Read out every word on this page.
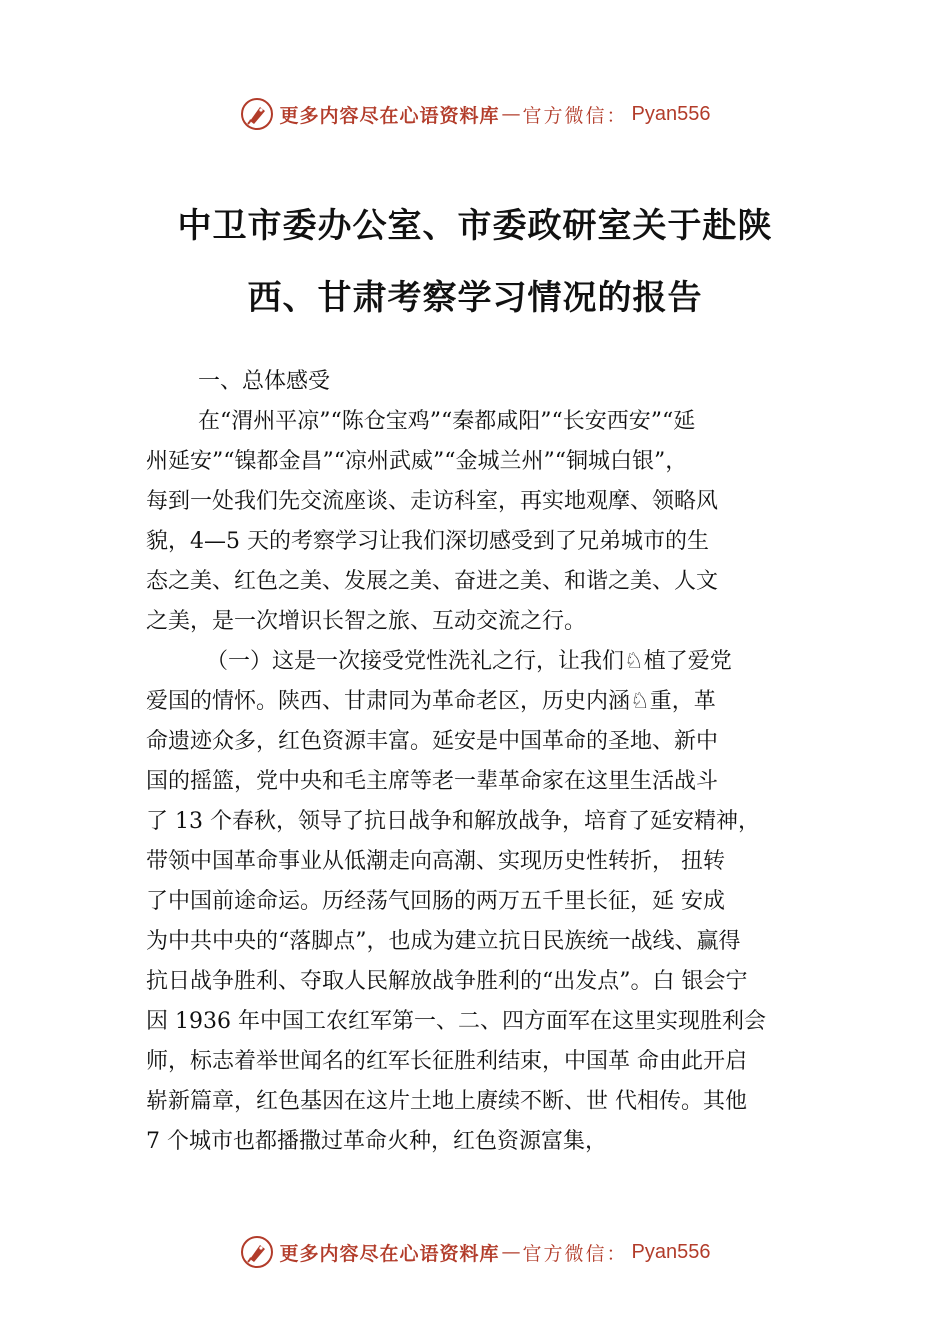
更多内容尽在心语资料库 — 官方微信： Pyan556
中卫市委办公室、市委政研室关于赴陕
西、甘肃考察学习情况的报告
一、总体感受
在“渭州平凉”“陈仓宝鸡”“秦都咸阳”“长安西安”“延
州延安”“镍都金昌”“凉州武威”“金城兰州”“铜城白银”，
每到一处我们先交流座谈、走访科室，再实地观摩、领略风
貌，4—5 天的考察学习让我们深切感受到了兄弟城市的生
态之美、红色之美、发展之美、奋进之美、和谐之美、人文
之美，是一次增识长智之旅、互动交流之行。
（一）这是一次接受党性洗礼之行，让我们♘植了爱党
爱国的情怀。陕西、甘肃同为革命老区，历史内涵♘重，革
命遗迹众多，红色资源丰富。延安是中国革命的圣地、新中
国的摇篮，党中央和毛主席等老一辈革命家在这里生活战斗
了 13 个春秋，领导了抗日战争和解放战争，培育了延安精神，
带领中国革命事业从低潮走向高潮、实现历史性转折， 扭转
了中国前途命运。历经荡气回肠的两万五千里长征，延 安成
为中共中央的“落脚点”，也成为建立抗日民族统一战线、赢得
抗日战争胜利、夺取人民解放战争胜利的“出发点”。白 银会宁
因 1936 年中国工农红军第一、二、四方面军在这里实现胜利会
师，标志着举世闻名的红军长征胜利结束，中国革 命由此开启
崭新篇章，红色基因在这片土地上赓续不断、世 代相传。其他
7 个城市也都播撒过革命火种，红色资源富集，
更多内容尽在心语资料库 — 官方微信： Pyan556
